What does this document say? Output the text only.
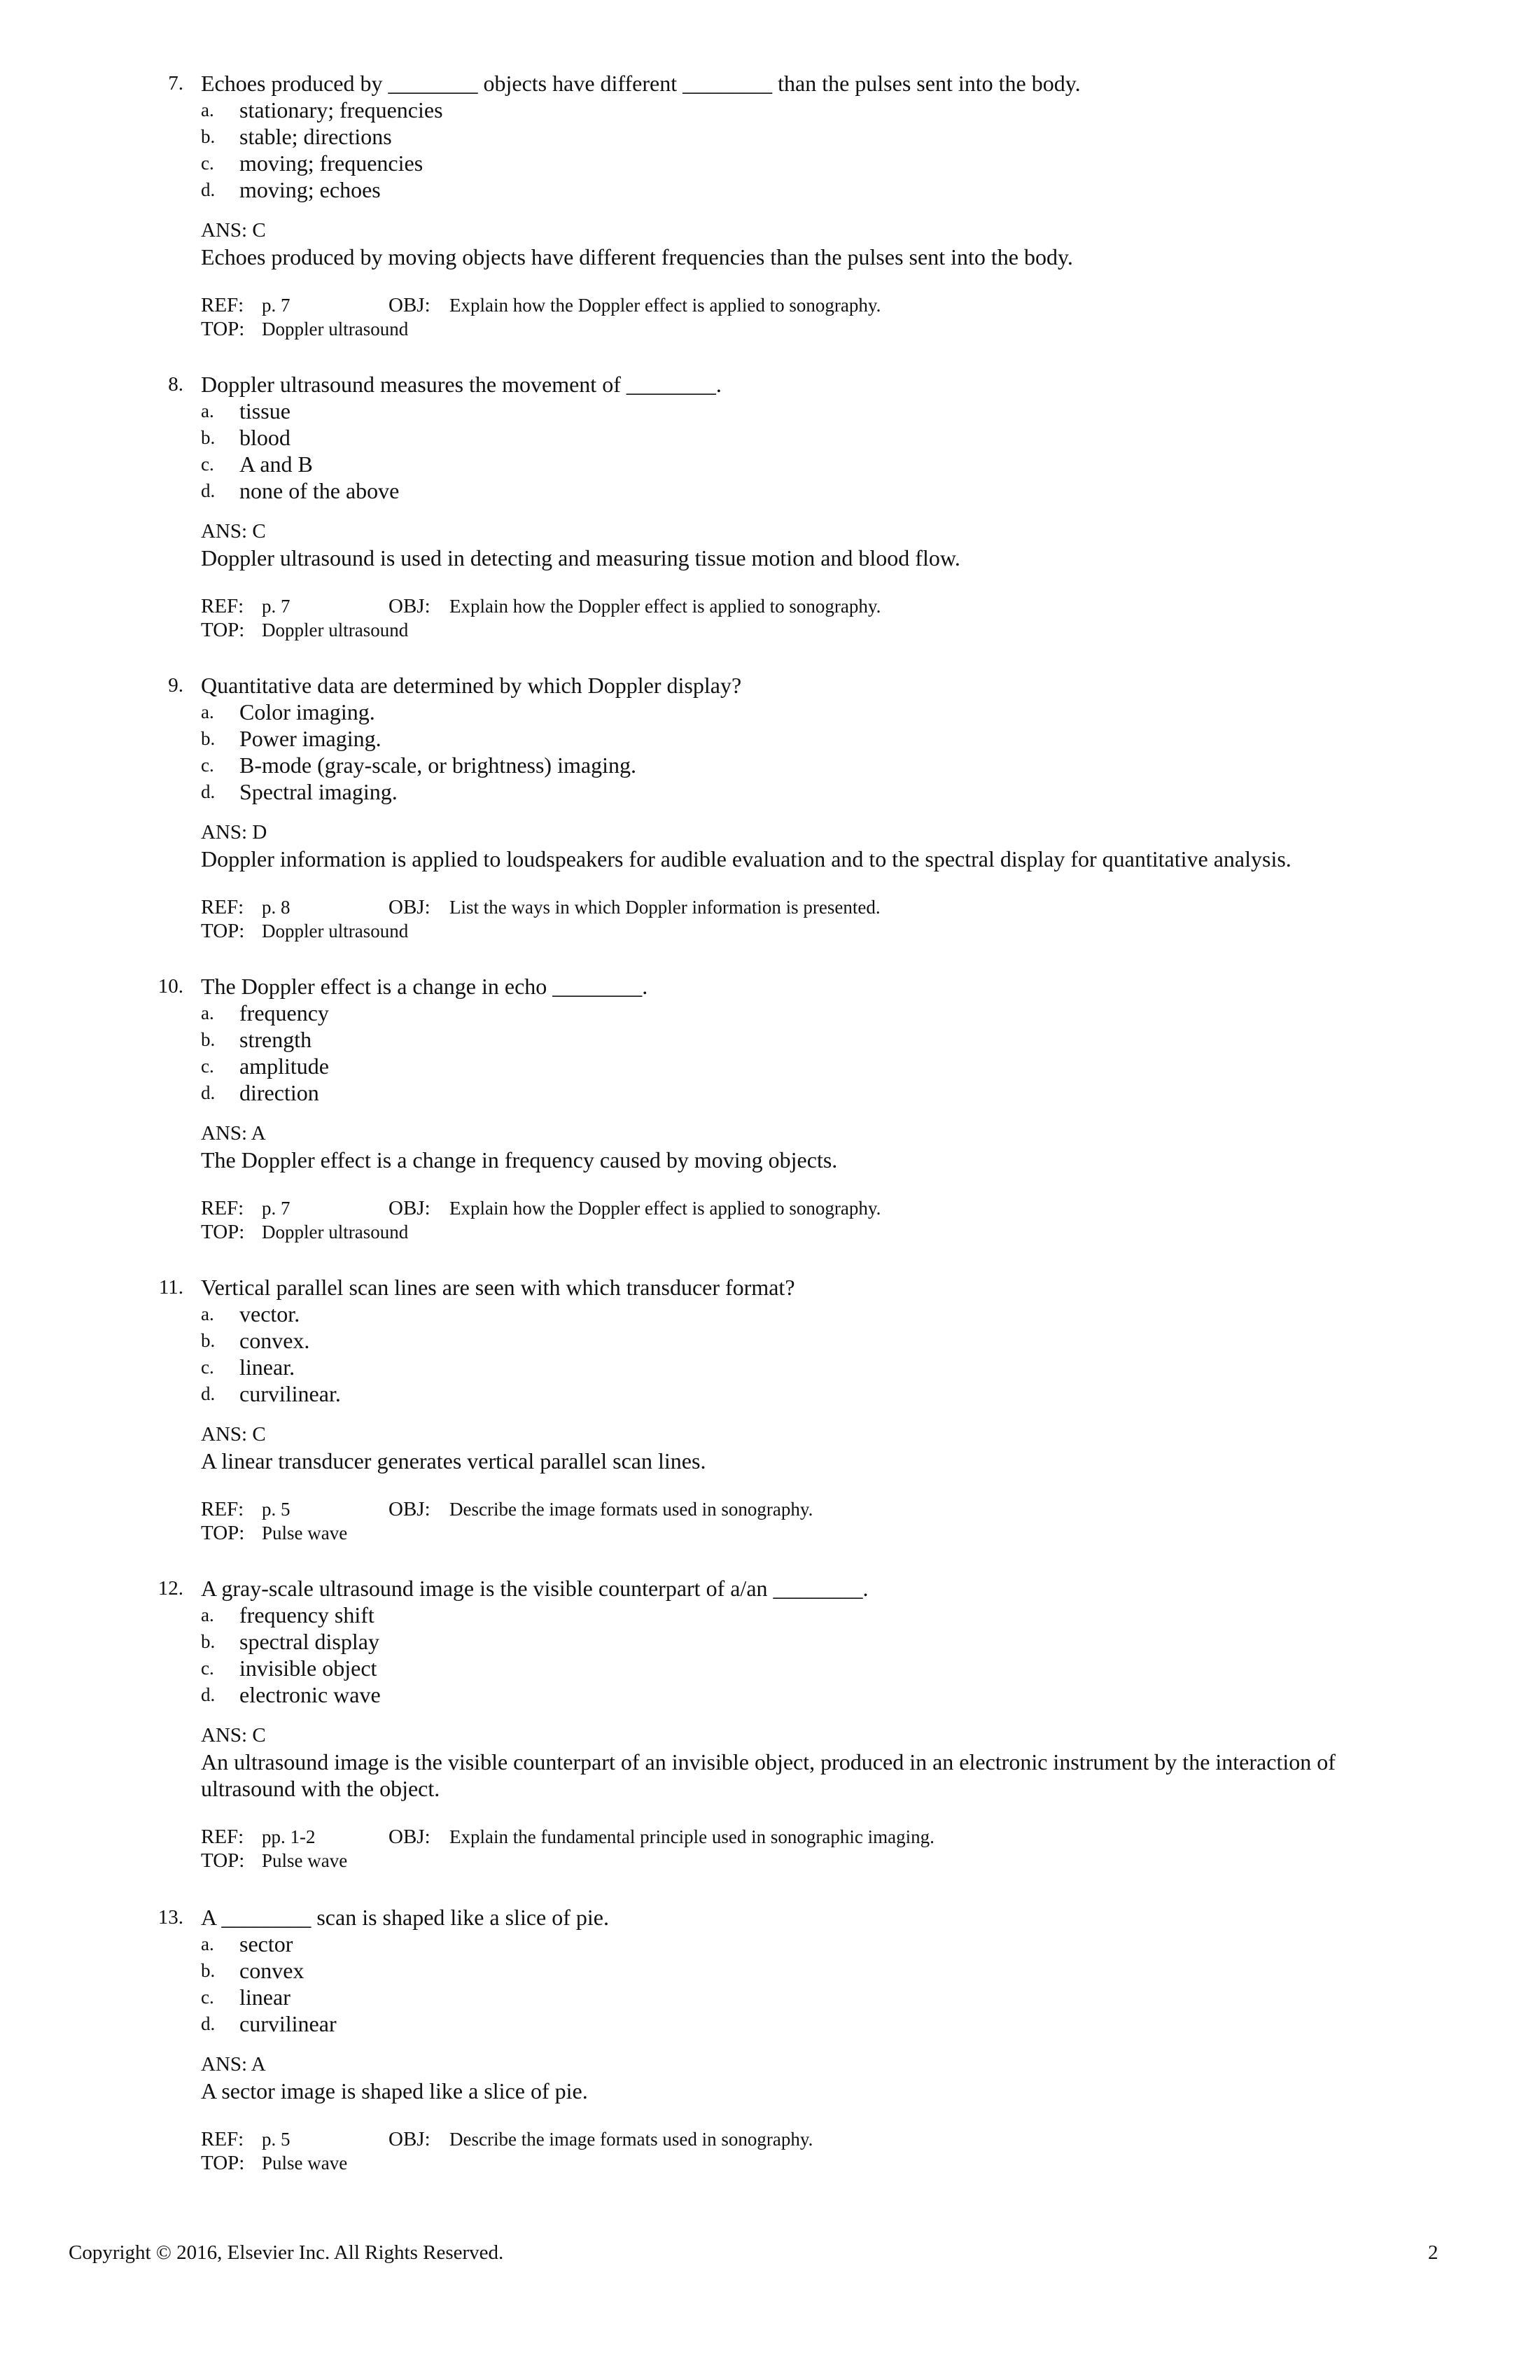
7. Echoes produced by ________ objects have different ________ than the pulses sent into the body.
a. stationary; frequencies
b. stable; directions
c. moving; frequencies
d. moving; echoes
ANS: C
Echoes produced by moving objects have different frequencies than the pulses sent into the body.
REF: p. 7	OBJ: Explain how the Doppler effect is applied to sonography.
TOP: Doppler ultrasound
8. Doppler ultrasound measures the movement of ________.
a. tissue
b. blood
c. A and B
d. none of the above
ANS: C
Doppler ultrasound is used in detecting and measuring tissue motion and blood flow.
REF: p. 7	OBJ: Explain how the Doppler effect is applied to sonography.
TOP: Doppler ultrasound
9. Quantitative data are determined by which Doppler display?
a. Color imaging.
b. Power imaging.
c. B-mode (gray-scale, or brightness) imaging.
d. Spectral imaging.
ANS: D
Doppler information is applied to loudspeakers for audible evaluation and to the spectral display for quantitative analysis.
REF: p. 8	OBJ: List the ways in which Doppler information is presented.
TOP: Doppler ultrasound
10. The Doppler effect is a change in echo ________.
a. frequency
b. strength
c. amplitude
d. direction
ANS: A
The Doppler effect is a change in frequency caused by moving objects.
REF: p. 7	OBJ: Explain how the Doppler effect is applied to sonography.
TOP: Doppler ultrasound
11. Vertical parallel scan lines are seen with which transducer format?
a. vector.
b. convex.
c. linear.
d. curvilinear.
ANS: C
A linear transducer generates vertical parallel scan lines.
REF: p. 5	OBJ: Describe the image formats used in sonography.
TOP: Pulse wave
12. A gray-scale ultrasound image is the visible counterpart of a/an ________.
a. frequency shift
b. spectral display
c. invisible object
d. electronic wave
ANS: C
An ultrasound image is the visible counterpart of an invisible object, produced in an electronic instrument by the interaction of ultrasound with the object.
REF: pp. 1-2	OBJ: Explain the fundamental principle used in sonographic imaging.
TOP: Pulse wave
13. A ________ scan is shaped like a slice of pie.
a. sector
b. convex
c. linear
d. curvilinear
ANS: A
A sector image is shaped like a slice of pie.
REF: p. 5	OBJ: Describe the image formats used in sonography.
TOP: Pulse wave
Copyright © 2016, Elsevier Inc. All Rights Reserved.	2
